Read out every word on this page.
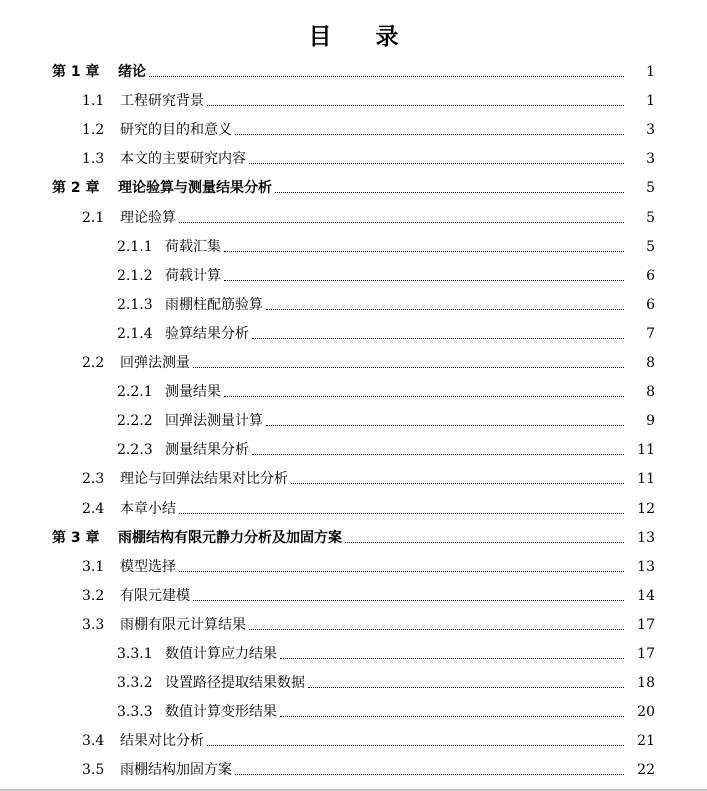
目 录
第 1 章	绪论	1
1.1	工程研究背景	1
1.2	研究的目的和意义	3
1.3	本文的主要研究内容	3
第 2 章	理论验算与测量结果分析	5
2.1	理论验算	5
2.1.1 荷载汇集	5
2.1.2 荷载计算	6
2.1.3 雨棚柱配筋验算	6
2.1.4 验算结果分析	7
2.2	回弹法测量	8
2.2.1 测量结果	8
2.2.2 回弹法测量计算	9
2.2.3 测量结果分析	11
2.3	理论与回弹法结果对比分析	11
2.4	本章小结	12
第 3 章	雨棚结构有限元静力分析及加固方案	13
3.1	模型选择	13
3.2	有限元建模	14
3.3	雨棚有限元计算结果	17
3.3.1 数值计算应力结果	17
3.3.2 设置路径提取结果数据	18
3.3.3 数值计算变形结果	20
3.4	结果对比分析	21
3.5	雨棚结构加固方案	22
